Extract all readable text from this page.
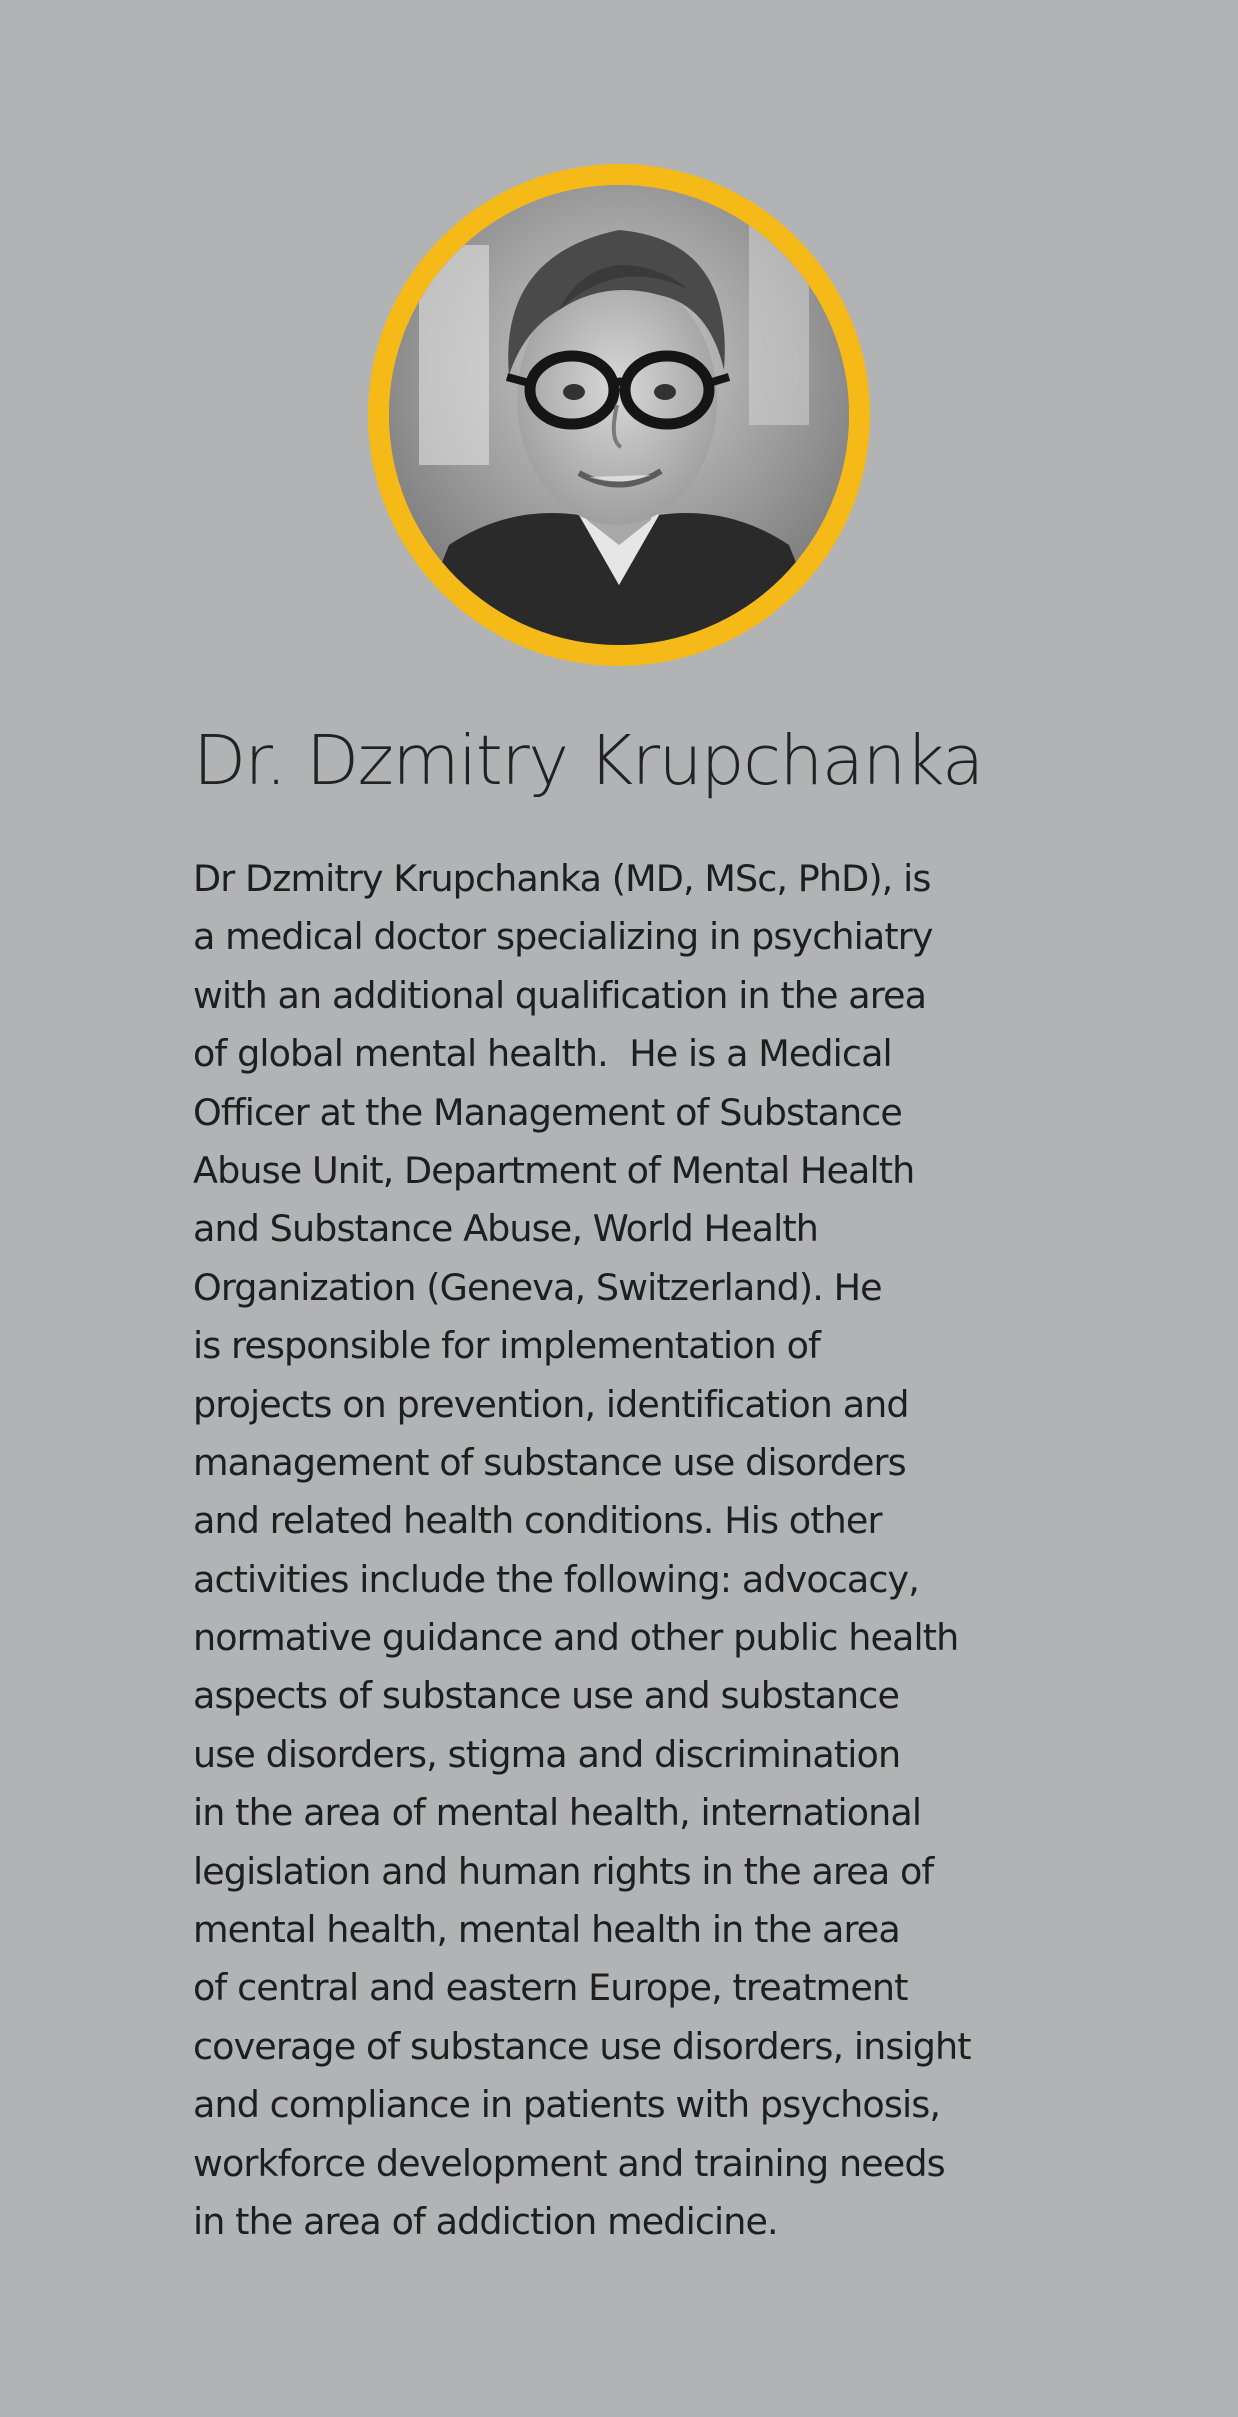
Dr. Dzmitry Krupchanka
Dr Dzmitry Krupchanka (MD, MSc, PhD), is
a medical doctor specializing in psychiatry
with an additional qualification in the area
of global mental health.  He is a Medical
Officer at the Management of Substance
Abuse Unit, Department of Mental Health
and Substance Abuse, World Health
Organization (Geneva, Switzerland). He
is responsible for implementation of
projects on prevention, identification and
management of substance use disorders
and related health conditions. His other
activities include the following: advocacy,
normative guidance and other public health
aspects of substance use and substance
use disorders, stigma and discrimination
in the area of mental health, international
legislation and human rights in the area of
mental health, mental health in the area
of central and eastern Europe, treatment
coverage of substance use disorders, insight
and compliance in patients with psychosis,
workforce development and training needs
in the area of addiction medicine.
